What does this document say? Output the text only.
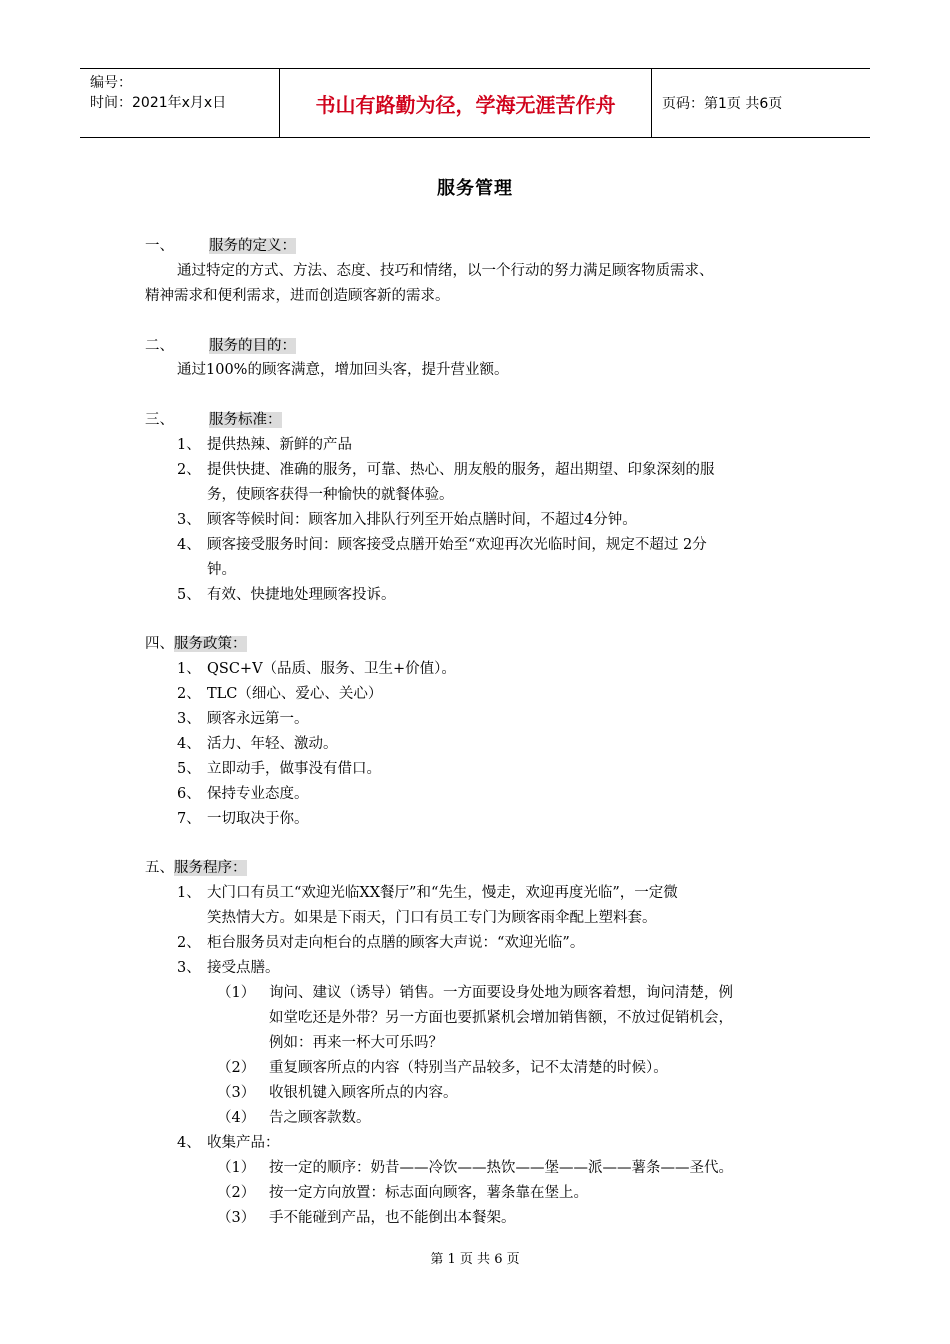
编号：
时间：2021年x月x日	书山有路勤为径，学海无涯苦作舟	页码：第1页 共6页
服务管理
一、 服务的定义：
通过特定的方式、方法、态度、技巧和情绪，以一个行动的努力满足顾客物质需求、
精神需求和便利需求，进而创造顾客新的需求。
二、 服务的目的：
通过100%的顾客满意，增加回头客，提升营业额。
三、 服务标准：
1、 提供热辣、新鲜的产品
2、 提供快捷、准确的服务，可靠、热心、朋友般的服务，超出期望、印象深刻的服
务，使顾客获得一种愉快的就餐体验。
3、 顾客等候时间：顾客加入排队行列至开始点膳时间，不超过4分钟。
4、 顾客接受服务时间：顾客接受点膳开始至“欢迎再次光临时间，规定不超过 2分
钟。
5、 有效、快捷地处理顾客投诉。
四、服务政策：
1、 QSC+V（品质、服务、卫生+价值）。
2、 TLC（细心、爱心、关心）
3、 顾客永远第一。
4、 活力、年轻、激动。
5、 立即动手，做事没有借口。
6、 保持专业态度。
7、 一切取决于你。
五、服务程序：
1、 大门口有员工“欢迎光临XX餐厅”和“先生，慢走，欢迎再度光临”，一定微
笑热情大方。如果是下雨天，门口有员工专门为顾客雨伞配上塑料套。
2、 柜台服务员对走向柜台的点膳的顾客大声说：“欢迎光临”。
3、 接受点膳。
（1） 询问、建议（诱导）销售。一方面要设身处地为顾客着想，询问清楚，例
如堂吃还是外带？另一方面也要抓紧机会增加销售额，不放过促销机会，
例如：再来一杯大可乐吗？
（2） 重复顾客所点的内容（特别当产品较多，记不太清楚的时候）。
（3） 收银机键入顾客所点的内容。
（4） 告之顾客款数。
4、 收集产品：
（1） 按一定的顺序：奶昔——冷饮——热饮——堡——派——薯条——圣代。
（2） 按一定方向放置：标志面向顾客，薯条靠在堡上。
（3） 手不能碰到产品，也不能倒出本餐架。
第 1 页 共 6 页
